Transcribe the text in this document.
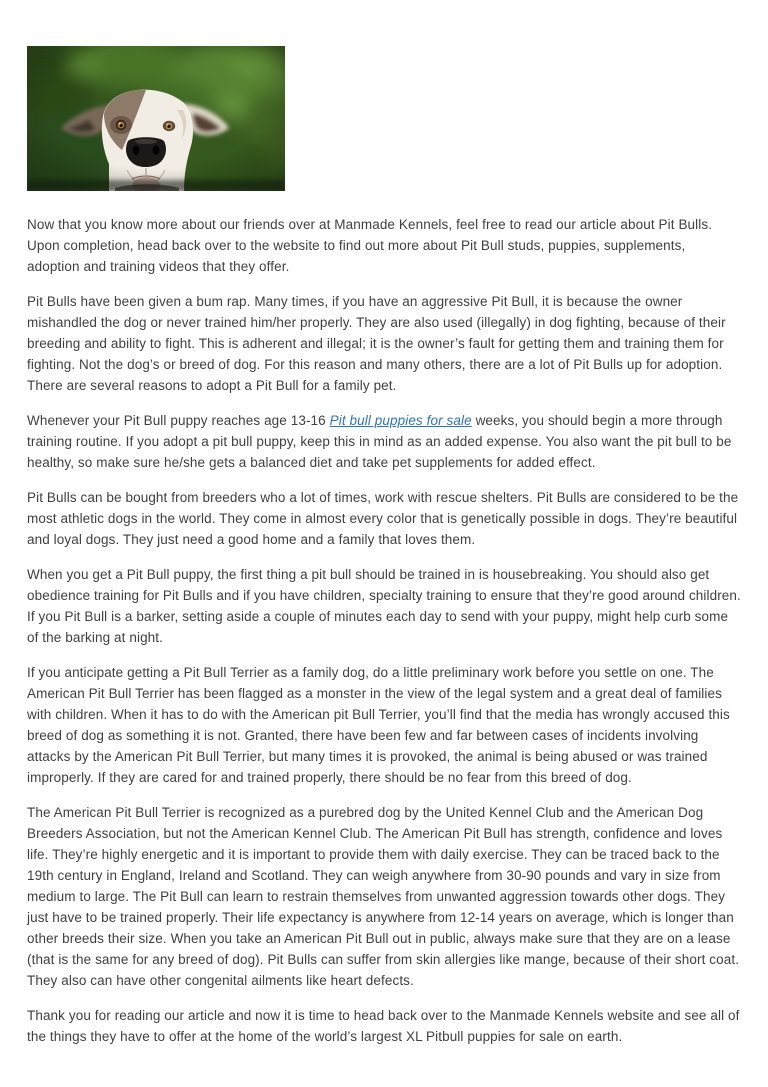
Now that you know more about our friends over at Manmade Kennels, feel free to read our article about Pit Bulls. Upon completion, head back over to the website to find out more about Pit Bull studs, puppies, supplements, adoption and training videos that they offer.

Pit Bulls have been given a bum rap. Many times, if you have an aggressive Pit Bull, it is because the owner mishandled the dog or never trained him/her properly. They are also used (illegally) in dog fighting, because of their breeding and ability to fight. This is adherent and illegal; it is the owner’s fault for getting them and training them for fighting. Not the dog’s or breed of dog. For this reason and many others, there are a lot of Pit Bulls up for adoption. There are several reasons to adopt a Pit Bull for a family pet.

Whenever your Pit Bull puppy reaches age 13-16 Pit bull puppies for sale weeks, you should begin a more through training routine. If you adopt a pit bull puppy, keep this in mind as an added expense. You also want the pit bull to be healthy, so make sure he/she gets a balanced diet and take pet supplements for added effect.

Pit Bulls can be bought from breeders who a lot of times, work with rescue shelters. Pit Bulls are considered to be the most athletic dogs in the world. They come in almost every color that is genetically possible in dogs. They’re beautiful and loyal dogs. They just need a good home and a family that loves them.

When you get a Pit Bull puppy, the first thing a pit bull should be trained in is housebreaking. You should also get obedience training for Pit Bulls and if you have children, specialty training to ensure that they’re good around children. If you Pit Bull is a barker, setting aside a couple of minutes each day to send with your puppy, might help curb some of the barking at night.

If you anticipate getting a Pit Bull Terrier as a family dog, do a little preliminary work before you settle on one. The American Pit Bull Terrier has been flagged as a monster in the view of the legal system and a great deal of families with children. When it has to do with the American pit Bull Terrier, you’ll find that the media has wrongly accused this breed of dog as something it is not. Granted, there have been few and far between cases of incidents involving attacks by the American Pit Bull Terrier, but many times it is provoked, the animal is being abused or was trained improperly. If they are cared for and trained properly, there should be no fear from this breed of dog.

The American Pit Bull Terrier is recognized as a purebred dog by the United Kennel Club and the American Dog Breeders Association, but not the American Kennel Club. The American Pit Bull has strength, confidence and loves life. They’re highly energetic and it is important to provide them with daily exercise. They can be traced back to the 19th century in England, Ireland and Scotland. They can weigh anywhere from 30-90 pounds and vary in size from medium to large. The Pit Bull can learn to restrain themselves from unwanted aggression towards other dogs. They just have to be trained properly. Their life expectancy is anywhere from 12-14 years on average, which is longer than other breeds their size. When you take an American Pit Bull out in public, always make sure that they are on a lease (that is the same for any breed of dog). Pit Bulls can suffer from skin allergies like mange, because of their short coat. They also can have other congenital ailments like heart defects.

Thank you for reading our article and now it is time to head back over to the Manmade Kennels website and see all of the things they have to offer at the home of the world’s largest XL Pitbull puppies for sale on earth.
